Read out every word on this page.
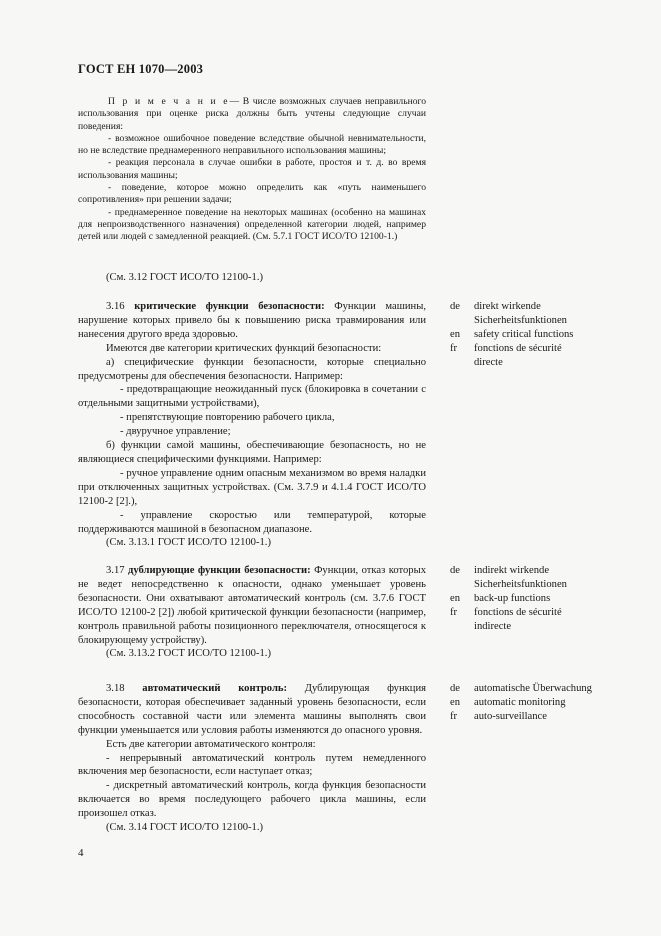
ГОСТ ЕН 1070—2003

П р и м е ч а н и е— В числе возможных случаев неправильного использования при оценке риска должны быть учтены следующие случаи поведения:

- возможное ошибочное поведение вследствие обычной невнимательности, но не вследствие преднамеренного неправильного использования машины;

- реакция персонала в случае ошибки в работе, простоя и т. д. во время использования машины;

- поведение, которое можно определить как «путь наименьшего сопротивления» при решении задачи;

- преднамеренное поведение на некоторых машинах (особенно на машинах для непроизводственного назначения) определенной категории людей, например детей или людей с замедленной реакцией. (См. 5.7.1 ГОСТ ИСО/ТО 12100-1.)

(См. 3.12 ГОСТ ИСО/ТО 12100-1.)

3.16 критические функции безопасности: Функции машины, нарушение которых привело бы к повышению риска травмирования или нанесения другого вреда здоровью.

Имеются две категории критических функций безопасности:

а) специфические функции безопасности, которые специально предусмотрены для обеспечения безопасности. Например:

- предотвращающие неожиданный пуск (блокировка в сочетании с отдельными защитными устройствами),

- препятствующие повторению рабочего цикла,

- двуручное управление;

б) функции самой машины, обеспечивающие безопасность, но не являющиеся специфическими функциями. Например:

- ручное управление одним опасным механизмом во время наладки при отключенных защитных устройствах. (См. 3.7.9 и 4.1.4 ГОСТ ИСО/ТО 12100-2 [2].),

- управление скоростью или температурой, которые поддерживаются машиной в безопасном диапазоне.

(См. 3.13.1 ГОСТ ИСО/ТО 12100-1.)

de	direkt wirkende
Sicherheitsfunktionen
en	safety critical functions
fr	fonctions de sécurité
directe

3.17 дублирующие функции безопасности: Функции, отказ которых не ведет непосредственно к опасности, однако уменьшает уровень безопасности. Они охватывают автоматический контроль (см. 3.7.6 ГОСТ ИСО/ТО 12100-2 [2]) любой критической функции безопасности (например, контроль правильной работы позиционного переключателя, относящегося к блокирующему устройству).

(См. 3.13.2 ГОСТ ИСО/ТО 12100-1.)

de	indirekt wirkende
Sicherheitsfunktionen
en	back-up functions
fr	fonctions de sécurité
indirecte

3.18 автоматический контроль: Дублирующая функция безопасности, которая обеспечивает заданный уровень безопасности, если способность составной части или элемента машины выполнять свои функции уменьшается или условия работы изменяются до опасного уровня.

Есть две категории автоматического контроля:

- непрерывный автоматический контроль путем немедленного включения мер безопасности, если наступает отказ;

- дискретный автоматический контроль, когда функция безопасности включается во время последующего рабочего цикла машины, если произошел отказ.

(См. 3.14 ГОСТ ИСО/ТО 12100-1.)

de	automatische Überwachung
en	automatic monitoring
fr	auto-surveillance
4
